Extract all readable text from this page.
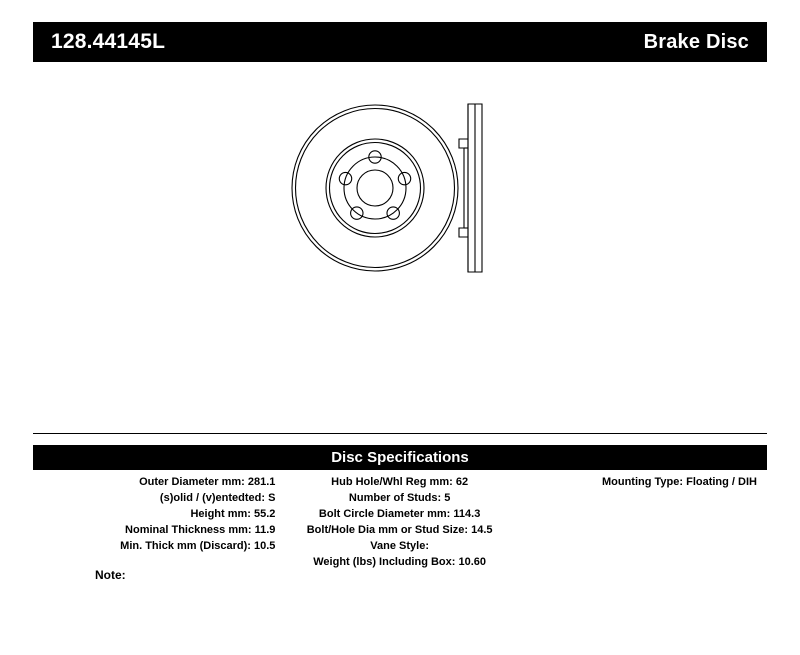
128.44145L	Brake Disc
Disc Specifications
Outer Diameter mm: 281.1
(s)olid / (v)entedted: S
Height mm: 55.2
Nominal Thickness mm: 11.9
Min. Thick mm (Discard): 10.5
Hub Hole/Whl Reg mm: 62
Number of Studs: 5
Bolt Circle Diameter mm: 114.3
Bolt/Hole Dia mm or Stud Size: 14.5
Vane Style:
Weight (lbs) Including Box: 10.60
Mounting Type: Floating / DIH
Note:
